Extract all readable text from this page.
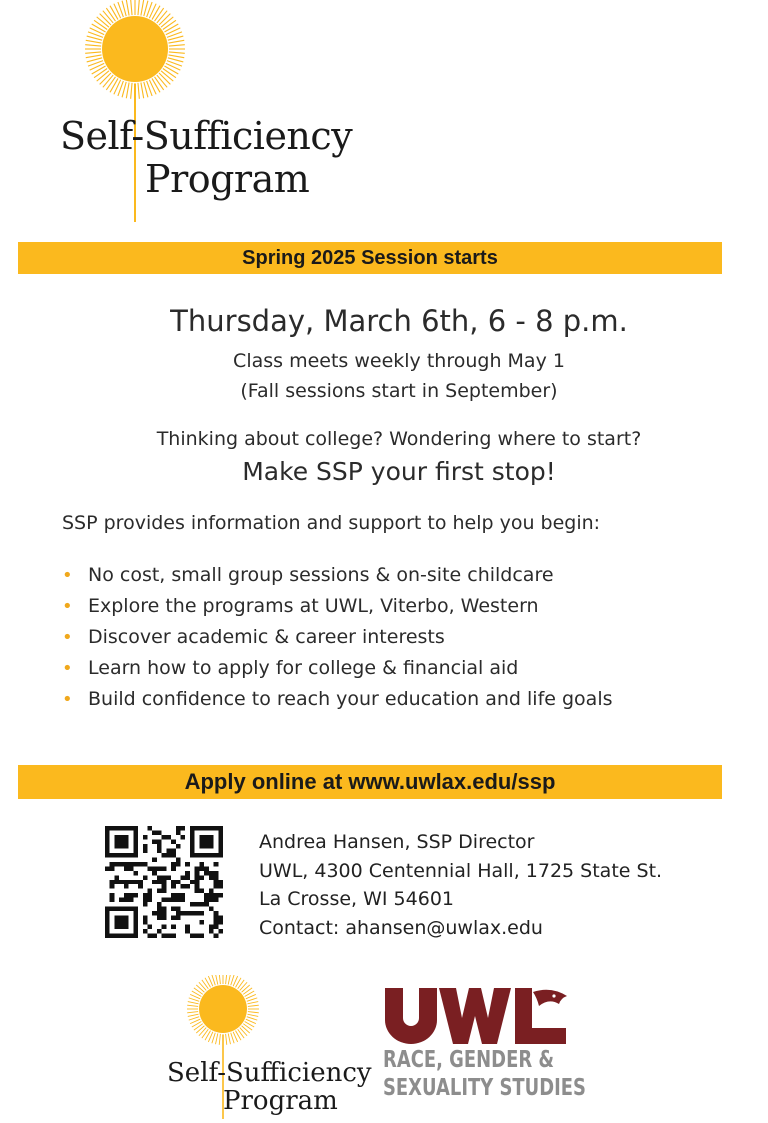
Self-Sufficiency
Program
Spring 2025 Session starts
Thursday, March 6th, 6 - 8 p.m.
Class meets weekly through May 1
(Fall sessions start in September)
Thinking about college? Wondering where to start?
Make SSP your first stop!
SSP provides information and support to help you begin:
• No cost, small group sessions & on-site childcare
• Explore the programs at UWL, Viterbo, Western
• Discover academic & career interests
• Learn how to apply for college & financial aid
• Build confidence to reach your education and life goals
Apply online at www.uwlax.edu/ssp
Andrea Hansen, SSP Director
UWL, 4300 Centennial Hall, 1725 State St.
La Crosse, WI 54601
Contact: ahansen@uwlax.edu
Self-Sufficiency
Program
RACE, GENDER &
SEXUALITY STUDIES
